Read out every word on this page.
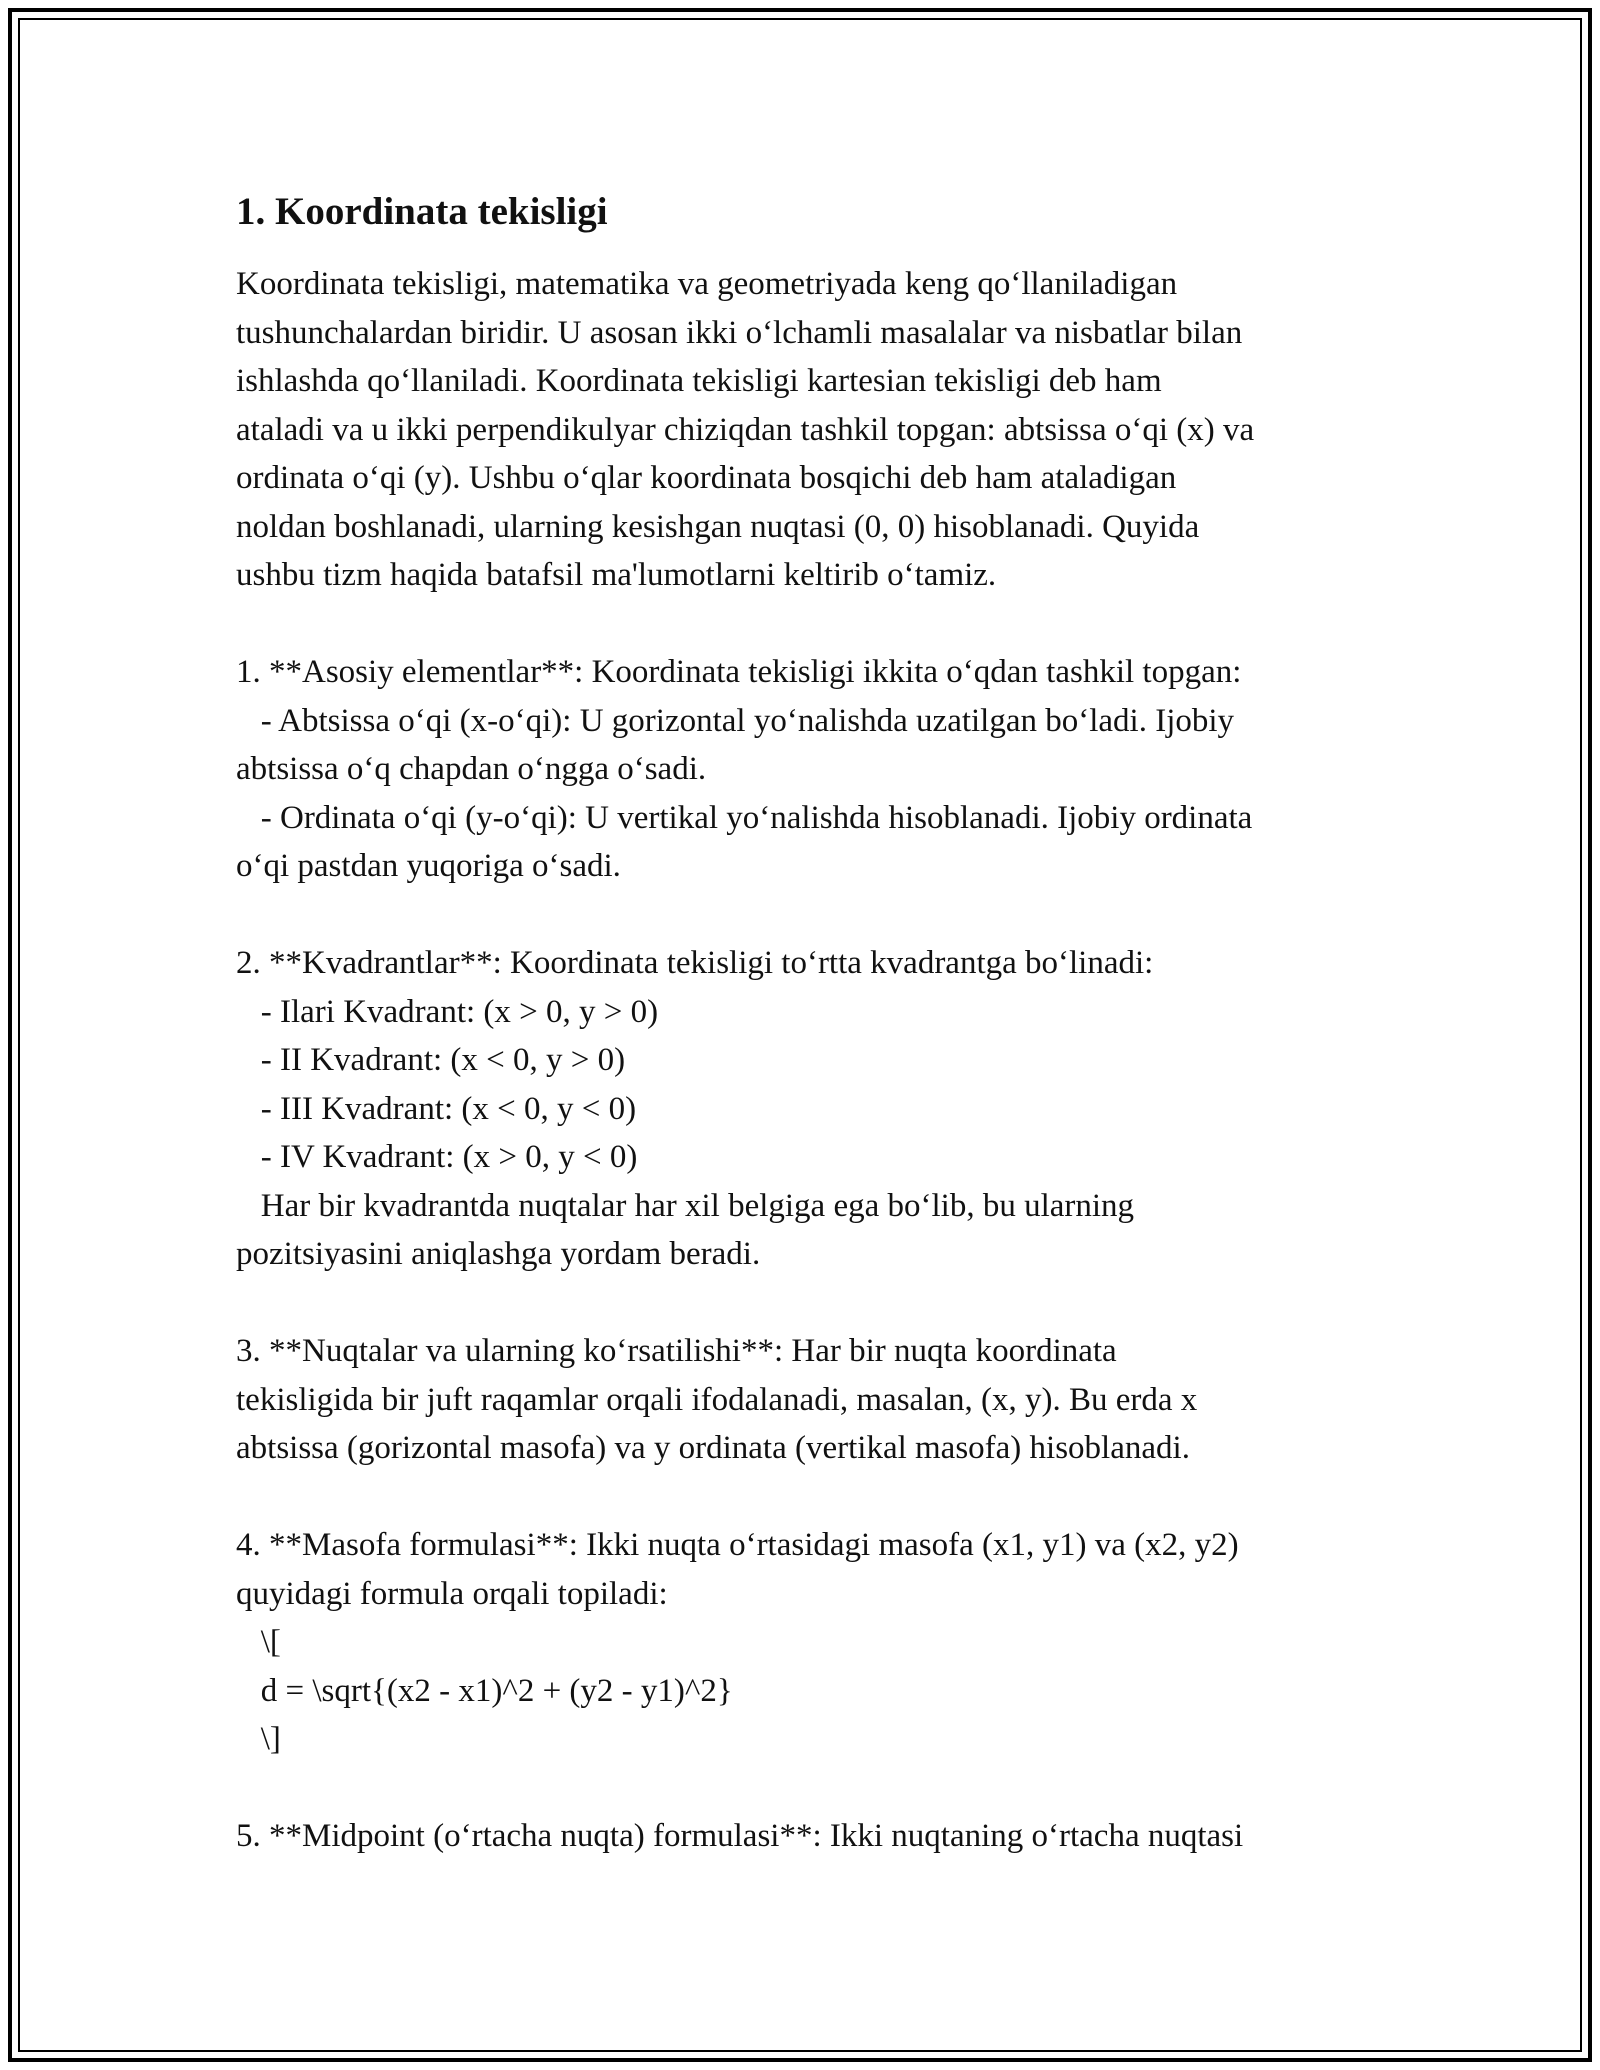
1. Koordinata tekisligi
Koordinata tekisligi, matematika va geometriyada keng qoʻllaniladigan
tushunchalardan biridir. U asosan ikki oʻlchamli masalalar va nisbatlar bilan
ishlashda qoʻllaniladi. Koordinata tekisligi kartesian tekisligi deb ham
ataladi va u ikki perpendikulyar chiziqdan tashkil topgan: abtsissa oʻqi (x) va
ordinata oʻqi (y). Ushbu oʻqlar koordinata bosqichi deb ham ataladigan
noldan boshlanadi, ularning kesishgan nuqtasi (0, 0) hisoblanadi. Quyida
ushbu tizm haqida batafsil ma'lumotlarni keltirib oʻtamiz.
1. **Asosiy elementlar**: Koordinata tekisligi ikkita oʻqdan tashkil topgan:
- Abtsissa oʻqi (x-oʻqi): U gorizontal yoʻnalishda uzatilgan boʻladi. Ijobiy
abtsissa oʻq chapdan oʻngga oʻsadi.
- Ordinata oʻqi (y-oʻqi): U vertikal yoʻnalishda hisoblanadi. Ijobiy ordinata
oʻqi pastdan yuqoriga oʻsadi.
2. **Kvadrantlar**: Koordinata tekisligi toʻrtta kvadrantga boʻlinadi:
- Ilari Kvadrant: (x > 0, y > 0)
- II Kvadrant: (x < 0, y > 0)
- III Kvadrant: (x < 0, y < 0)
- IV Kvadrant: (x > 0, y < 0)
Har bir kvadrantda nuqtalar har xil belgiga ega boʻlib, bu ularning
pozitsiyasini aniqlashga yordam beradi.
3. **Nuqtalar va ularning koʻrsatilishi**: Har bir nuqta koordinata
tekisligida bir juft raqamlar orqali ifodalanadi, masalan, (x, y). Bu erda x
abtsissa (gorizontal masofa) va y ordinata (vertikal masofa) hisoblanadi.
4. **Masofa formulasi**: Ikki nuqta oʻrtasidagi masofa (x1, y1) va (x2, y2)
quyidagi formula orqali topiladi:
\[
d = \sqrt{(x2 - x1)^2 + (y2 - y1)^2}
\]
5. **Midpoint (oʻrtacha nuqta) formulasi**: Ikki nuqtaning oʻrtacha nuqtasi
